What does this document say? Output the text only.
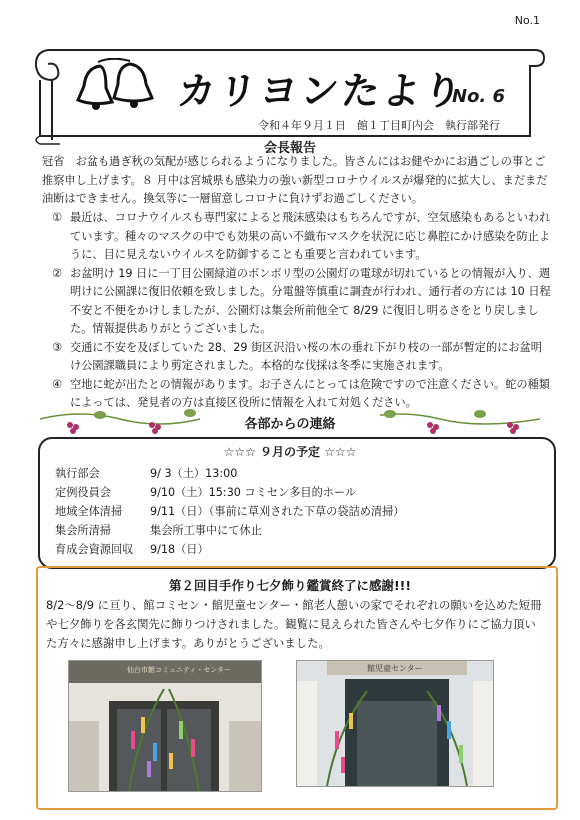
No.1
カリヨンたより
No. 6
令和４年９月１日　館１丁目町内会　執行部発行
会長報告
冠省　お盆も過ぎ秋の気配が感じられるようになりました。皆さんにはお健やかにお過ごしの事とご推察申し上げます。８ 月中は宮城県も感染力の強い新型コロナウイルスが爆発的に拡大し、まだまだ油断はできません。換気等に一層留意しコロナに負けずお過ごしください。
① 最近は、コロナウイルスも専門家によると飛沫感染はもちろんですが、空気感染もあるといわれています。種々のマスクの中でも効果の高い不織布マスクを状況に応じ鼻腔にかけ感染を防止ように、目に見えないウイルスを防御することも重要と言われています。
② お盆明け 19 日に一丁目公園緑道のボンボリ型の公園灯の電球が切れているとの情報が入り、週明けに公園課に復旧依頼を致しました。分電盤等慎重に調査が行われ、通行者の方には 10 日程不安と不便をかけしましたが、公園灯は集会所前他全て 8/29 に復旧し明るさをとり戻しました。情報提供ありがとうございました。
③ 交通に不安を及ぼしていた 28、29 街区沢沿い桜の木の垂れ下がり枝の一部が暫定的にお盆明け公園課職員により剪定されました。本格的な伐採は冬季に実施されます。
④ 空地に蛇が出たとの情報があります。お子さんにとっては危険ですので注意ください。蛇の種類によっては、発見者の方は直接区役所に情報を入れて対処ください。
各部からの連絡
☆☆☆ ９月の予定 ☆☆☆
執行部会	9/ 3（土）13:00
定例役員会	9/10（土）15:30 コミセン多目的ホール
地域全体清掃	9/11（日）（事前に草刈された下草の袋詰め清掃）
集会所清掃	集会所工事中にて休止
育成会資源回収	9/18（日）
第２回目手作り七夕飾り鑑賞終了に感謝!!!
8/2～8/9 に亘り、館コミセン・館児童センター・館老人憩いの家でそれぞれの願いを込めた短冊や七夕飾りを各玄関先に飾りつけされました。観覧に見えられた皆さんや七夕作りにご協力頂いた方々に感謝申し上げます。ありがとうございました。
仙台市館コミュニティ・センター	館児童センター
